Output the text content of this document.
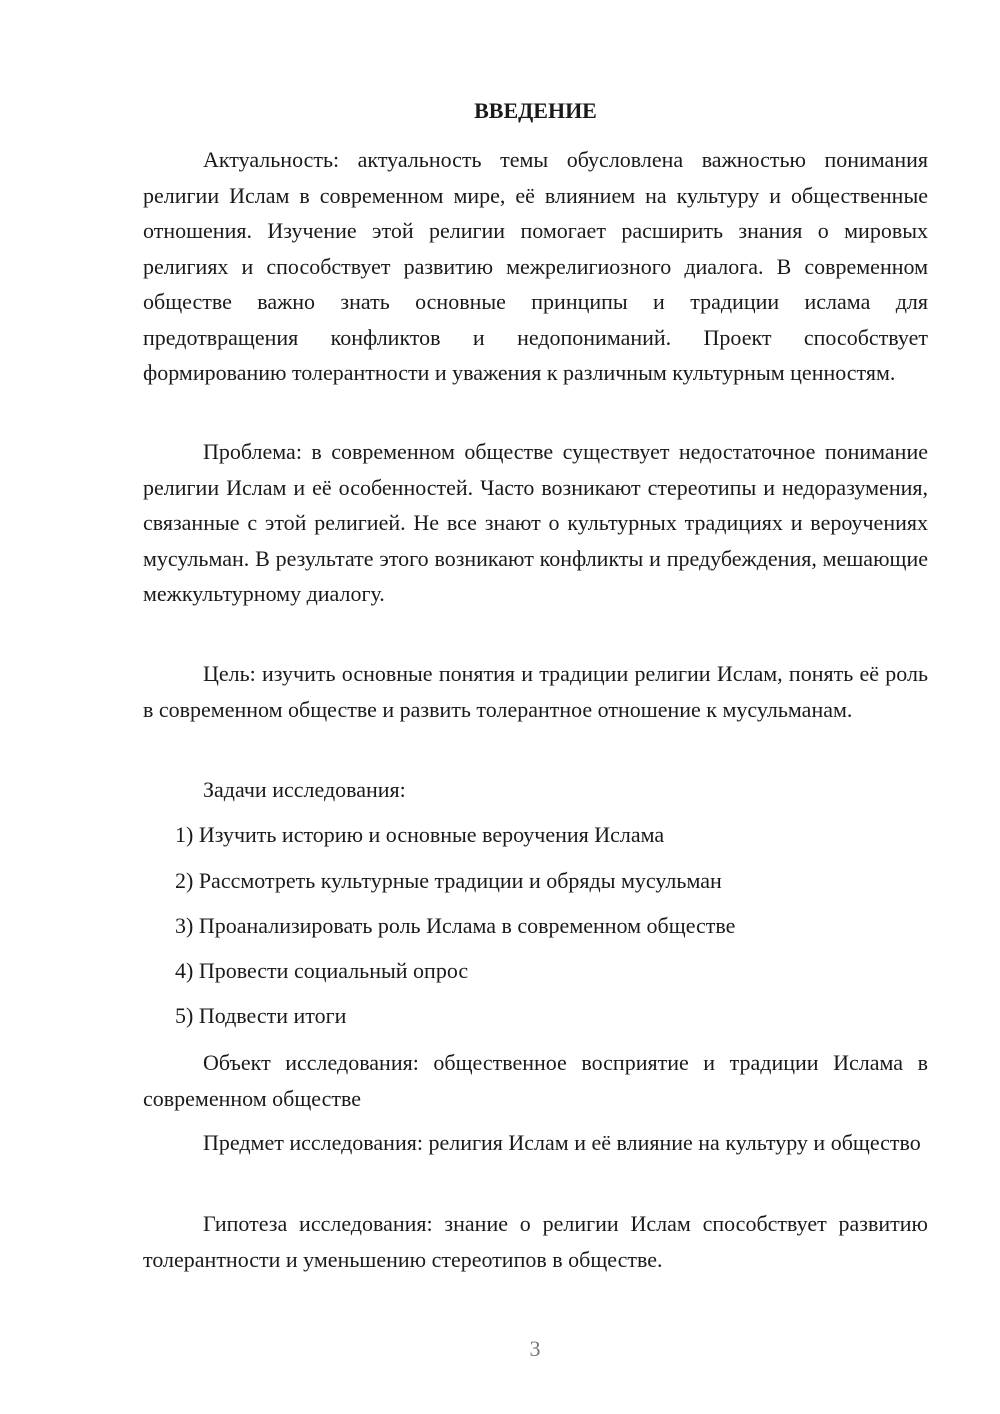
ВВЕДЕНИЕ

Актуальность: актуальность темы обусловлена важностью понимания религии Ислам в современном мире, её влиянием на культуру и общественные отношения. Изучение этой религии помогает расширить знания о мировых религиях и способствует развитию межрелигиозного диалога. В современном обществе важно знать основные принципы и традиции ислама для предотвращения конфликтов и недопониманий. Проект способствует формированию толерантности и уважения к различным культурным ценностям.

Проблема: в современном обществе существует недостаточное понимание религии Ислам и её особенностей. Часто возникают стереотипы и недоразумения, связанные с этой религией. Не все знают о культурных традициях и вероучениях мусульман. В результате этого возникают конфликты и предубеждения, мешающие межкультурному диалогу.

Цель: изучить основные понятия и традиции религии Ислам, понять её роль в современном обществе и развить толерантное отношение к мусульманам.

Задачи исследования:

1) Изучить историю и основные вероучения Ислама

2) Рассмотреть культурные традиции и обряды мусульман

3) Проанализировать роль Ислама в современном обществе

4) Провести социальный опрос

5) Подвести итоги

Объект исследования: общественное восприятие и традиции Ислама в современном обществе

Предмет исследования: религия Ислам и её влияние на культуру и общество

Гипотеза исследования: знание о религии Ислам способствует развитию толерантности и уменьшению стереотипов в обществе.

3
